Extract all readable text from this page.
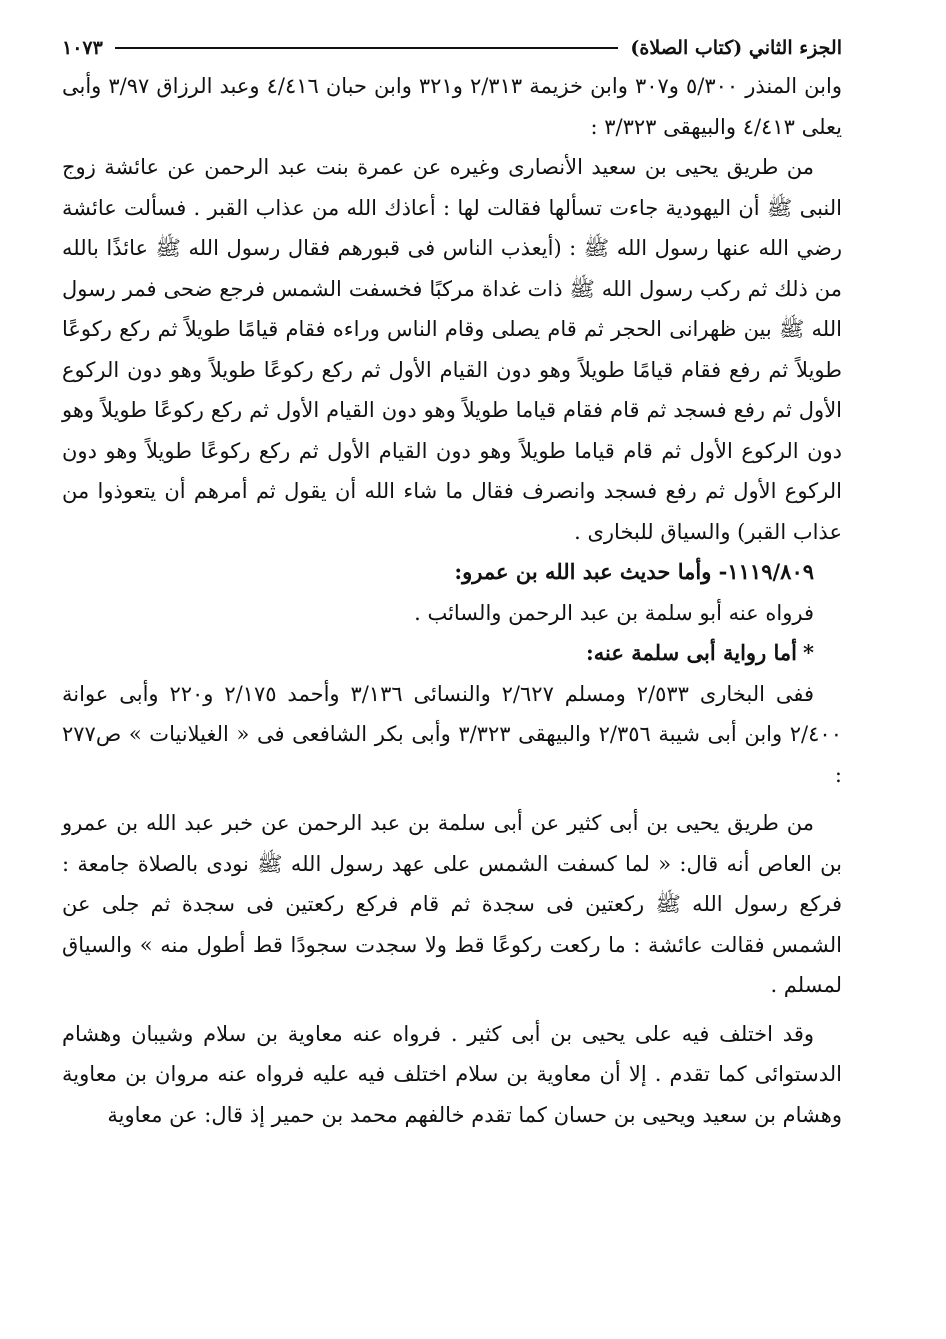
الجزء الثاني (كتاب الصلاة)
١٠٧٣

وابن المنذر ٥/٣٠٠ و٣٠٧ وابن خزيمة ٢/٣١٣ و٣٢١ وابن حبان ٤/٤١٦ وعبد الرزاق ٣/٩٧ وأبى يعلى ٤/٤١٣ والبيهقى ٣/٣٢٣ :

من طريق يحيى بن سعيد الأنصارى وغيره عن عمرة بنت عبد الرحمن عن عائشة زوج النبى ﷺ أن اليهودية جاءت تسألها فقالت لها : أعاذك الله من عذاب القبر . فسألت عائشة رضي الله عنها رسول الله ﷺ : (أيعذب الناس فى قبورهم فقال رسول الله ﷺ عائذًا بالله من ذلك ثم ركب رسول الله ﷺ ذات غداة مركبًا فخسفت الشمس فرجع ضحى فمر رسول الله ﷺ بين ظهرانى الحجر ثم قام يصلى وقام الناس وراءه فقام قيامًا طويلاً ثم ركع ركوعًا طويلاً ثم رفع فقام قيامًا طويلاً وهو دون القيام الأول ثم ركع ركوعًا طويلاً وهو دون الركوع الأول ثم رفع فسجد ثم قام فقام قياما طويلاً وهو دون القيام الأول ثم ركع ركوعًا طويلاً وهو دون الركوع الأول ثم قام قياما طويلاً وهو دون القيام الأول ثم ركع ركوعًا طويلاً وهو دون الركوع الأول ثم رفع فسجد وانصرف فقال ما شاء الله أن يقول ثم أمرهم أن يتعوذوا من عذاب القبر) والسياق للبخارى .

١١١٩/٨٠٩- وأما حديث عبد الله بن عمرو:

فرواه عنه أبو سلمة بن عبد الرحمن والسائب .

*أما رواية أبى سلمة عنه:

ففى البخارى ٢/٥٣٣ ومسلم ٢/٦٢٧ والنسائى ٣/١٣٦ وأحمد ٢/١٧٥ و٢٢٠ وأبى عوانة ٢/٤٠٠ وابن أبى شيبة ٢/٣٥٦ والبيهقى ٣/٣٢٣ وأبى بكر الشافعى فى « الغيلانيات » ص٢٧٧ :

من طريق يحيى بن أبى كثير عن أبى سلمة بن عبد الرحمن عن خبر عبد الله بن عمرو بن العاص أنه قال: « لما كسفت الشمس على عهد رسول الله ﷺ نودى بالصلاة جامعة : فركع رسول الله ﷺ ركعتين فى سجدة ثم قام فركع ركعتين فى سجدة ثم جلى عن الشمس فقالت عائشة : ما ركعت ركوعًا قط ولا سجدت سجودًا قط أطول منه » والسياق لمسلم .

وقد اختلف فيه على يحيى بن أبى كثير . فرواه عنه معاوية بن سلام وشيبان وهشام الدستوائى كما تقدم . إلا أن معاوية بن سلام اختلف فيه عليه فرواه عنه مروان بن معاوية وهشام بن سعيد ويحيى بن حسان كما تقدم خالفهم محمد بن حمير إذ قال: عن معاوية
